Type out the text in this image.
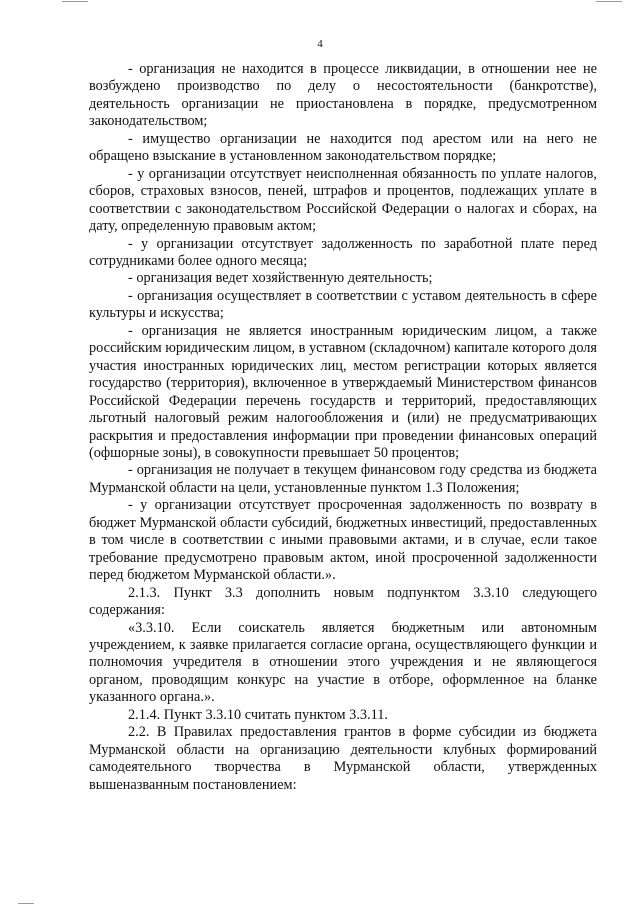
4

- организация не находится в процессе ликвидации, в отношении нее не возбуждено производство по делу о несостоятельности (банкротстве), деятельность организации не приостановлена в порядке, предусмотренном законодательством;

- имущество организации не находится под арестом или на него не обращено взыскание в установленном законодательством порядке;

- у организации отсутствует неисполненная обязанность по уплате налогов, сборов, страховых взносов, пеней, штрафов и процентов, подлежащих уплате в соответствии с законодательством Российской Федерации о налогах и сборах, на дату, определенную правовым актом;

- у организации отсутствует задолженность по заработной плате перед сотрудниками более одного месяца;

- организация ведет хозяйственную деятельность;

- организация осуществляет в соответствии с уставом деятельность в сфере культуры и искусства;

- организация не является иностранным юридическим лицом, а также российским юридическим лицом, в уставном (складочном) капитале которого доля участия иностранных юридических лиц, местом регистрации которых является государство (территория), включенное в утверждаемый Министерством финансов Российской Федерации перечень государств и территорий, предоставляющих льготный налоговый режим налогообложения и (или) не предусматривающих раскрытия и предоставления информации при проведении финансовых операций (офшорные зоны), в совокупности превышает 50 процентов;

- организация не получает в текущем финансовом году средства из бюджета Мурманской области на цели, установленные пунктом 1.3 Положения;

- у организации отсутствует просроченная задолженность по возврату в бюджет Мурманской области субсидий, бюджетных инвестиций, предоставленных в том числе в соответствии с иными правовыми актами, и в случае, если такое требование предусмотрено правовым актом, иной просроченной задолженности перед бюджетом Мурманской области.».

2.1.3. Пункт 3.3 дополнить новым подпунктом 3.3.10 следующего содержания:

«3.3.10. Если соискатель является бюджетным или автономным учреждением, к заявке прилагается согласие органа, осуществляющего функции и полномочия учредителя в отношении этого учреждения и не являющегося органом, проводящим конкурс на участие в отборе, оформленное на бланке указанного органа.».

2.1.4. Пункт 3.3.10 считать пунктом 3.3.11.

2.2. В Правилах предоставления грантов в форме субсидии из бюджета Мурманской области на организацию деятельности клубных формирований самодеятельного творчества в Мурманской области, утвержденных вышеназванным постановлением:
